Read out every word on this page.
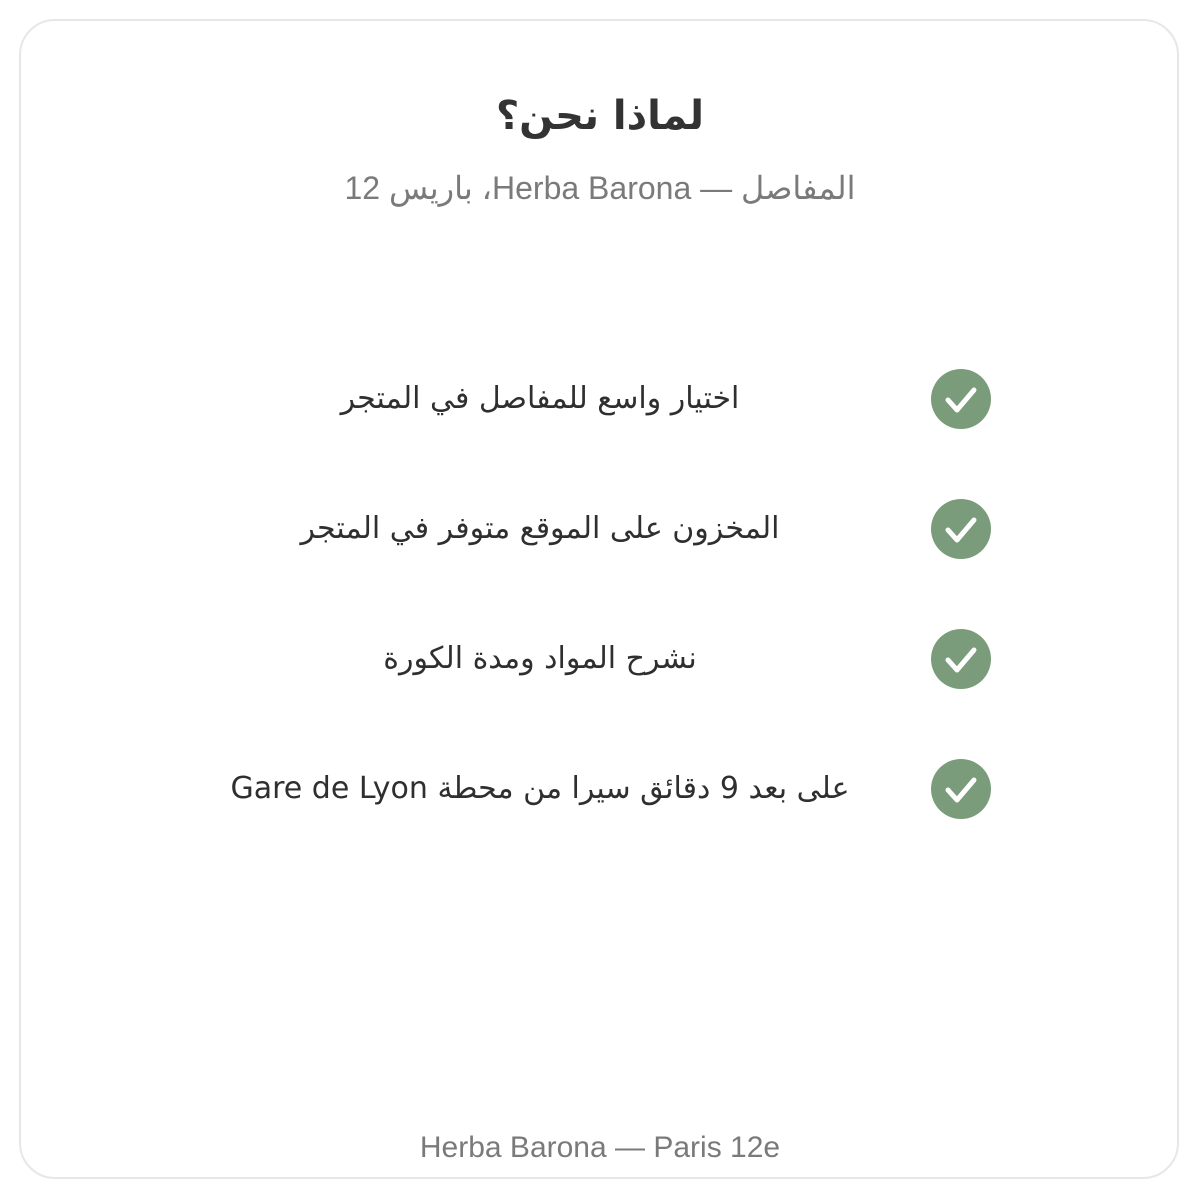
لماذا نحن؟
المفاصل — Herba Barona، باريس 12
اختيار واسع للمفاصل في المتجر
المخزون على الموقع متوفر في المتجر
نشرح المواد ومدة الكورة
على بعد 9 دقائق سيرا من محطة Gare de Lyon
Herba Barona — Paris 12e
